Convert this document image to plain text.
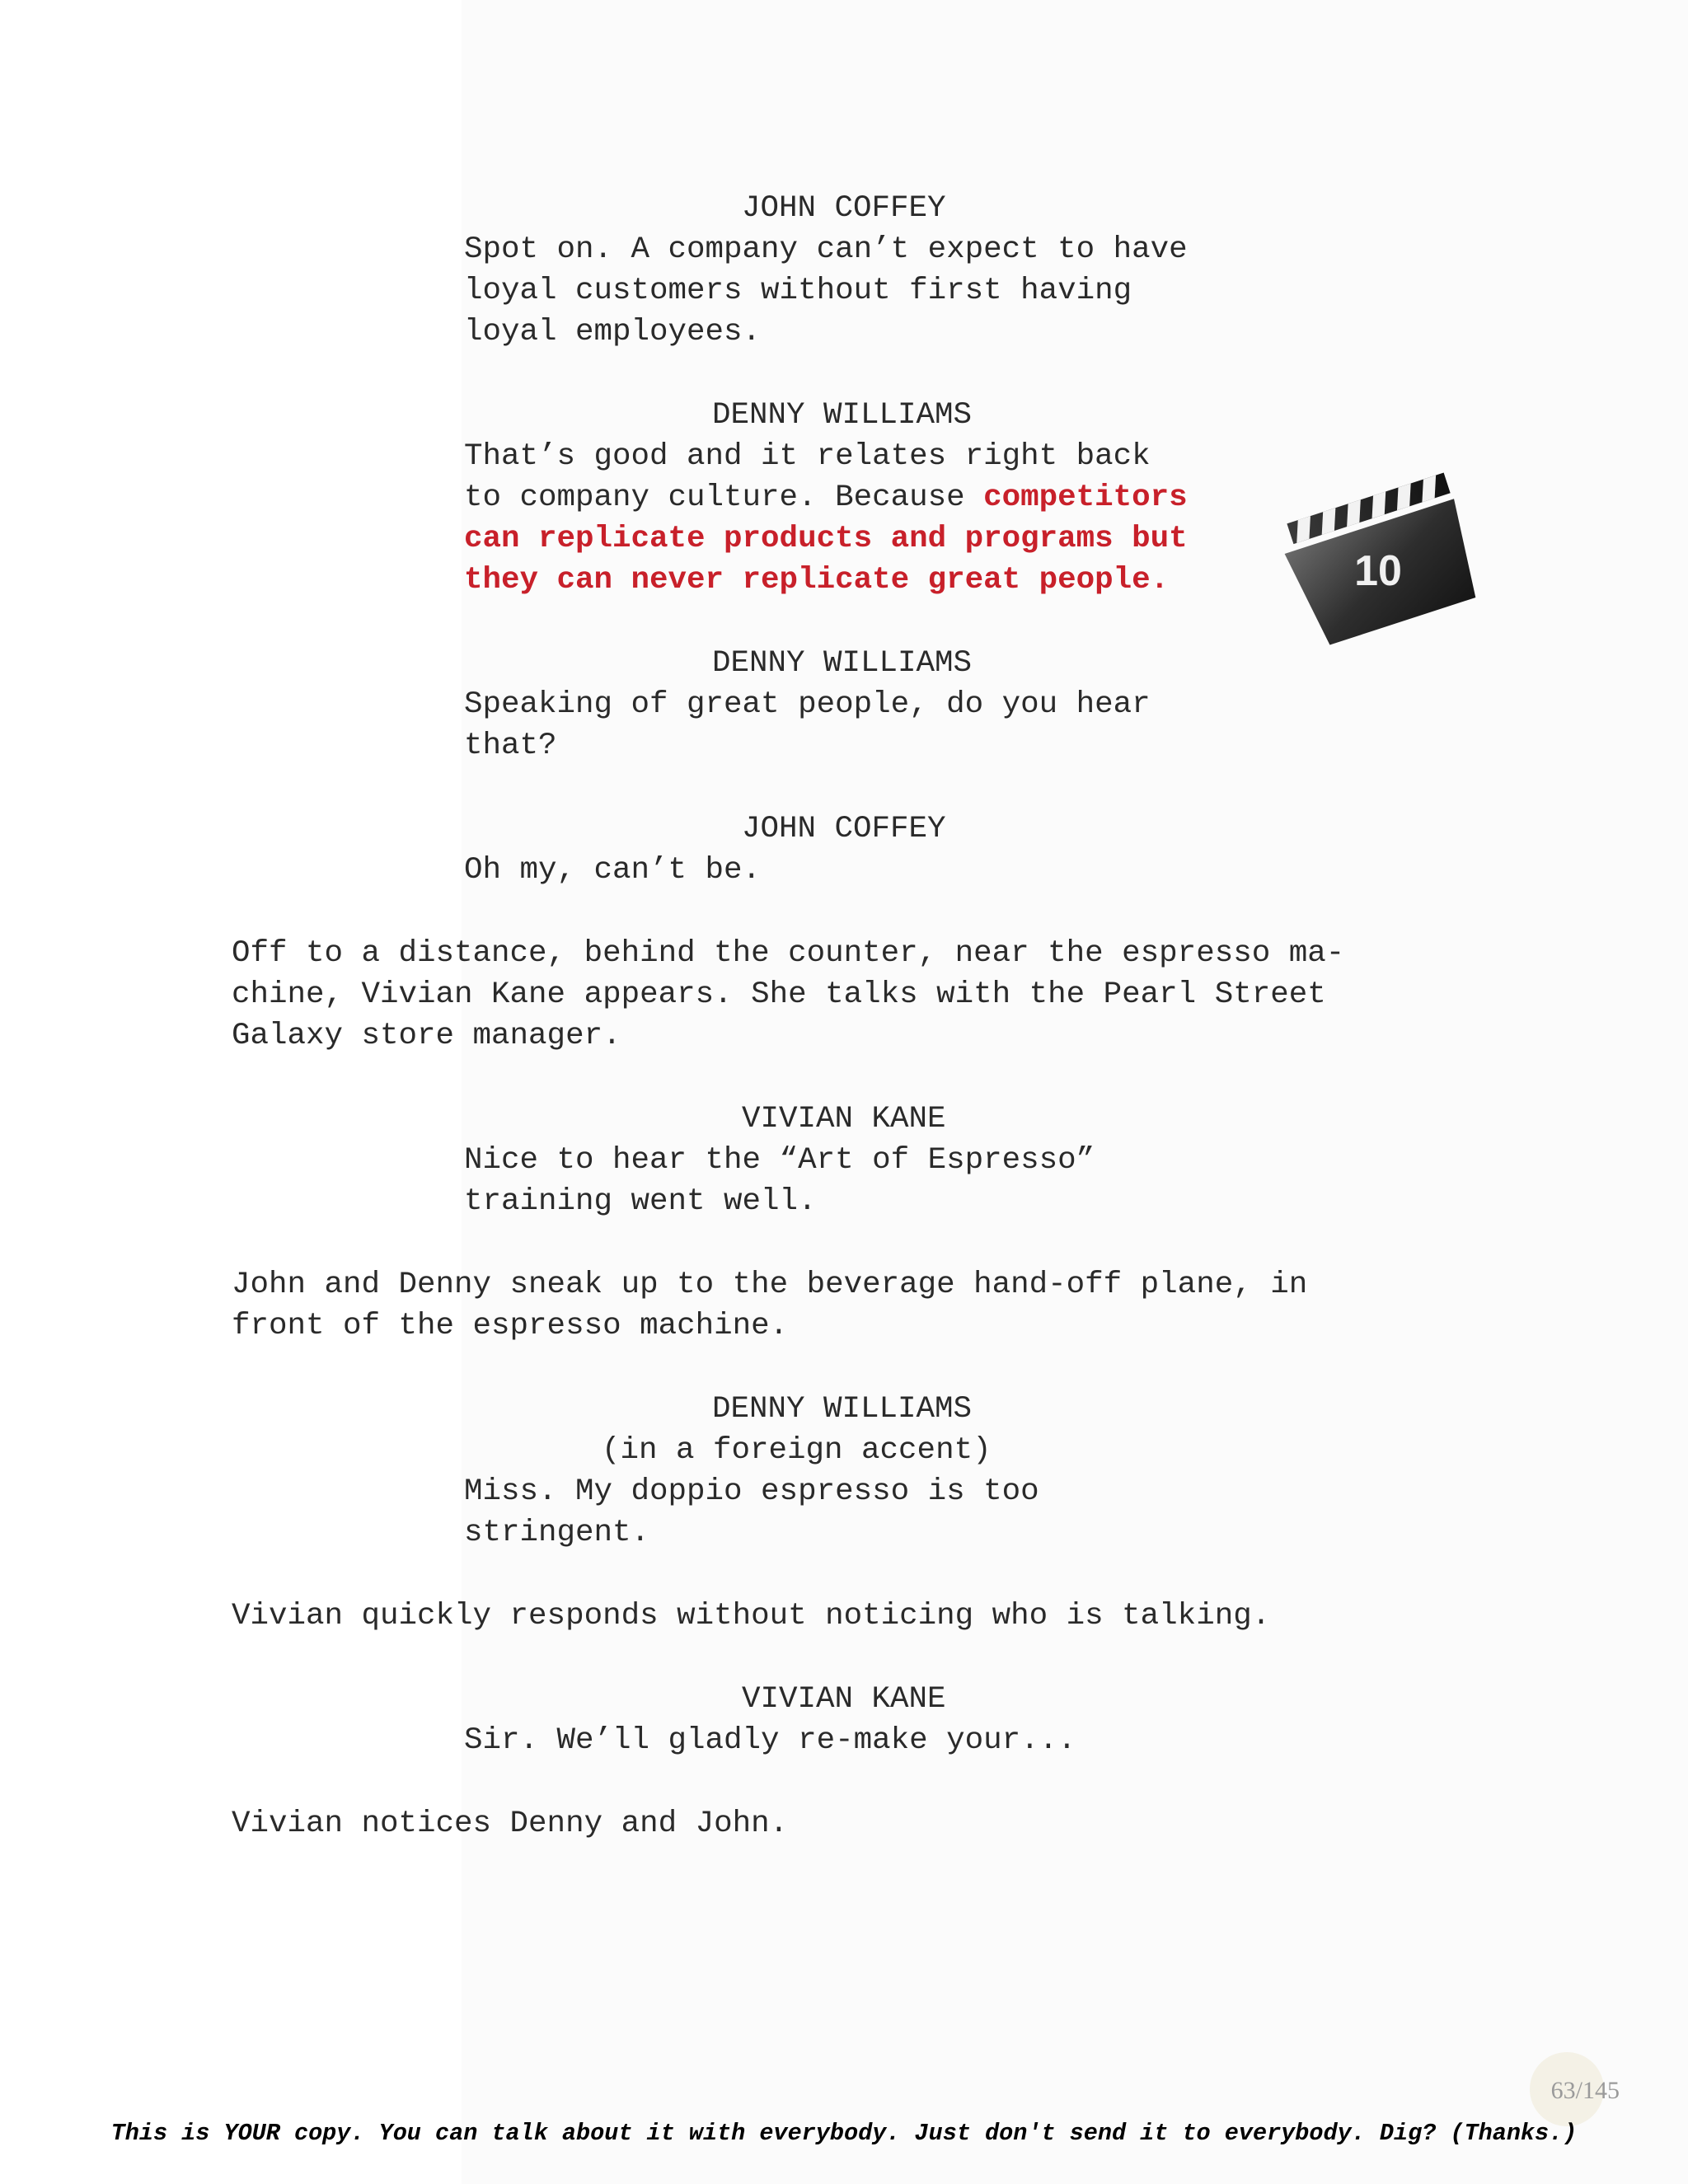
JOHN COFFEY
Spot on. A company can’t expect to have
loyal customers without first having
loyal employees.
DENNY WILLIAMS
That’s good and it relates right back
to company culture. Because competitors
can replicate products and programs but
they can never replicate great people.	10
DENNY WILLIAMS
Speaking of great people, do you hear
that?
JOHN COFFEY
Oh my, can’t be.
Off to a distance, behind the counter, near the espresso ma-
chine, Vivian Kane appears. She talks with the Pearl Street
Galaxy store manager.
VIVIAN KANE
Nice to hear the “Art of Espresso”
training went well.
John and Denny sneak up to the beverage hand-off plane, in
front of the espresso machine.
DENNY WILLIAMS
(in a foreign accent)
Miss. My doppio espresso is too
stringent.
Vivian quickly responds without noticing who is talking.
VIVIAN KANE
Sir. We’ll gladly re-make your...
Vivian notices Denny and John.
63/145
This is YOUR copy. You can talk about it with everybody. Just don't send it to everybody. Dig? (Thanks.)
